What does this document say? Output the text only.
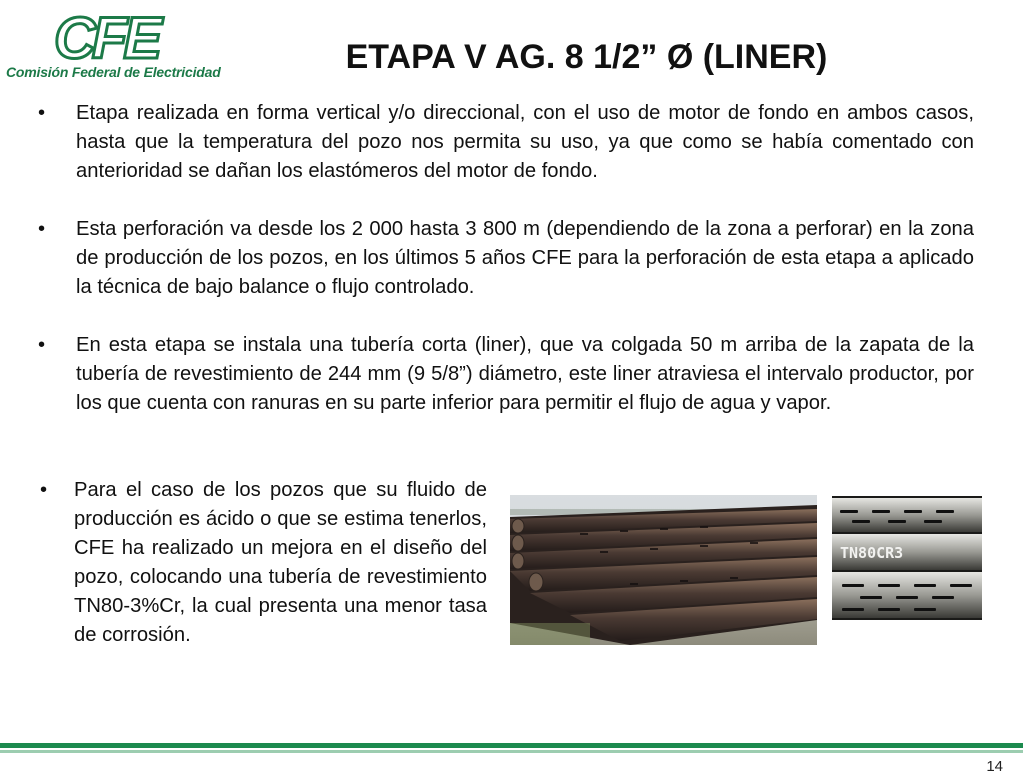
CFE
Comisión Federal de Electricidad	ETAPA V AG. 8 1/2” Ø (LINER)
•	Etapa realizada en forma vertical y/o direccional, con el uso de motor de fondo en ambos casos, hasta que la temperatura del pozo nos permita su uso, ya que como se había comentado con anterioridad se dañan los elastómeros del motor de fondo.
•	Esta perforación va desde los 2 000 hasta 3 800 m (dependiendo de la zona a perforar) en la zona de producción de los pozos, en los últimos 5 años CFE para la perforación de esta etapa a aplicado la técnica de bajo balance o flujo controlado.
•	En esta etapa se instala una tubería corta (liner), que va colgada 50 m arriba de la zapata de la tubería de revestimiento de 244 mm (9 5/8”) diámetro, este liner atraviesa el intervalo productor, por los que cuenta con ranuras en su parte inferior para permitir el flujo de agua y vapor.
•	Para el caso de los pozos que su fluido de producción es ácido o que se estima tenerlos, CFE ha realizado un mejora en el diseño del pozo, colocando una tubería de revestimiento TN80-3%Cr, la cual presenta una menor tasa de corrosión.
TN80CR3
14
